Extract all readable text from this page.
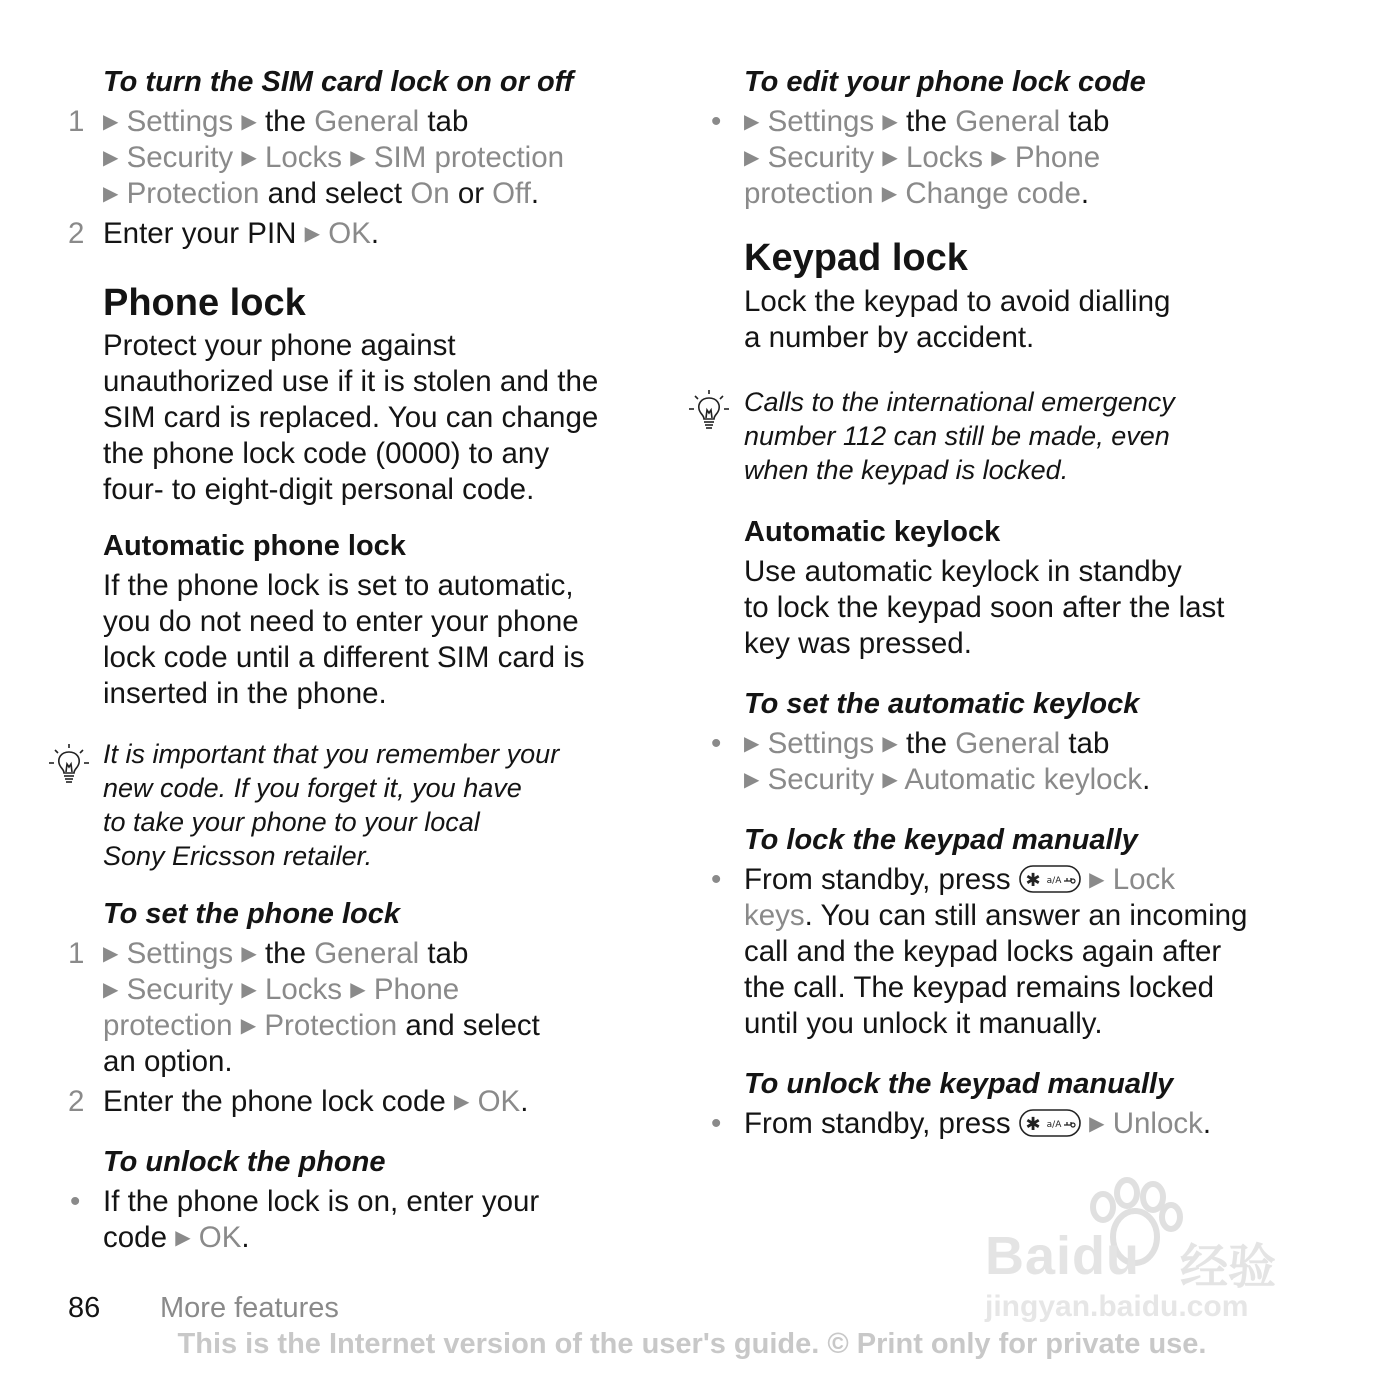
To turn the SIM card lock on or off
1 ▶ Settings ▶ the General tab
▶ Security ▶ Locks ▶ SIM protection
▶ Protection and select On or Off.
2 Enter your PIN ▶ OK.
Phone lock
Protect your phone against
unauthorized use if it is stolen and the
SIM card is replaced. You can change
the phone lock code (0000) to any
four- to eight-digit personal code.
Automatic phone lock
If the phone lock is set to automatic,
you do not need to enter your phone
lock code until a different SIM card is
inserted in the phone.
It is important that you remember your
new code. If you forget it, you have
to take your phone to your local
Sony Ericsson retailer.
To set the phone lock
1 ▶ Settings ▶ the General tab
▶ Security ▶ Locks ▶ Phone
protection ▶ Protection and select
an option.
2 Enter the phone lock code ▶ OK.
To unlock the phone
• If the phone lock is on, enter your
code ▶ OK.
To edit your phone lock code
• ▶ Settings ▶ the General tab
▶ Security ▶ Locks ▶ Phone
protection ▶ Change code.
Keypad lock
Lock the keypad to avoid dialling
a number by accident.
Calls to the international emergency
number 112 can still be made, even
when the keypad is locked.
Automatic keylock
Use automatic keylock in standby
to lock the keypad soon after the last
key was pressed.
To set the automatic keylock
• ▶ Settings ▶ the General tab
▶ Security ▶ Automatic keylock.
To lock the keypad manually
• From standby, press ✱ a/A ▶ Lock
keys. You can still answer an incoming
call and the keypad locks again after
the call. The keypad remains locked
until you unlock it manually.
To unlock the keypad manually
• From standby, press ✱ a/A ▶ Unlock.
Baidu 经验
jingyan.baidu.com
86 More features
This is the Internet version of the user's guide. © Print only for private use.
